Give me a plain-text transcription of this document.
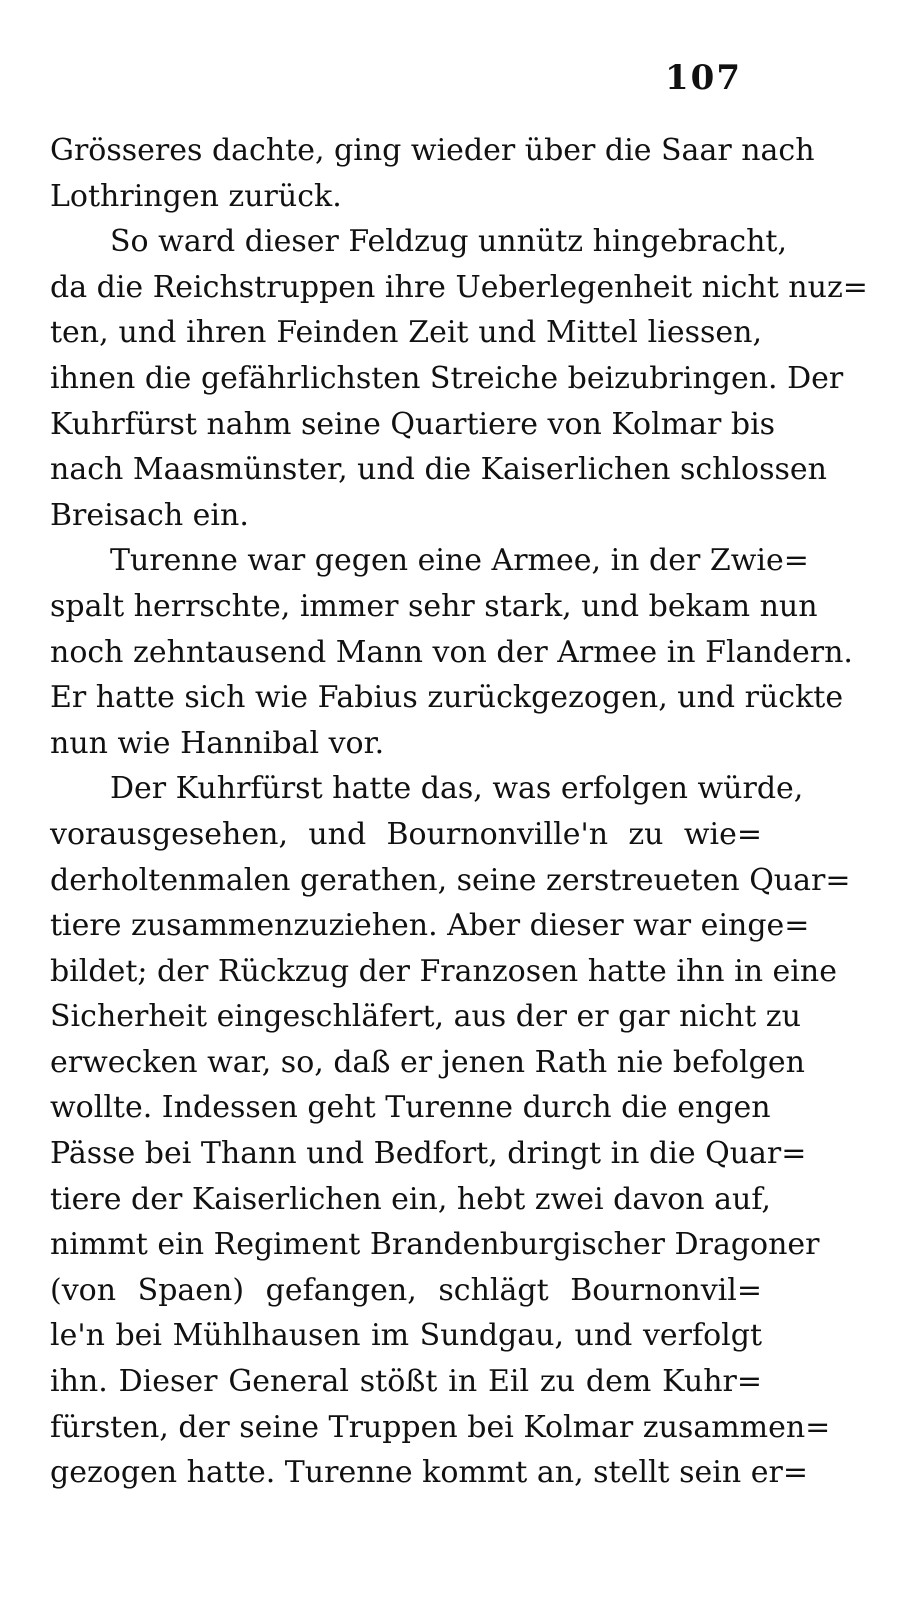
107
Grösseres dachte, ging wieder über die Saar nach
Lothringen zurück.
So ward dieser Feldzug unnütz hingebracht,
da die Reichstruppen ihre Ueberlegenheit nicht nuz=
ten, und ihren Feinden Zeit und Mittel liessen,
ihnen die gefährlichsten Streiche beizubringen. Der
Kuhrfürst nahm seine Quartiere von Kolmar bis
nach Maasmünster, und die Kaiserlichen schlossen
Breisach ein.
Turenne war gegen eine Armee, in der Zwie=
spalt herrschte, immer sehr stark, und bekam nun
noch zehntausend Mann von der Armee in Flandern.
Er hatte sich wie Fabius zurückgezogen, und rückte
nun wie Hannibal vor.
Der Kuhrfürst hatte das, was erfolgen würde,
vorausgesehen, und Bournonville'n zu wie=
derholtenmalen gerathen, seine zerstreueten Quar=
tiere zusammenzuziehen. Aber dieser war einge=
bildet; der Rückzug der Franzosen hatte ihn in eine
Sicherheit eingeschläfert, aus der er gar nicht zu
erwecken war, so, daß er jenen Rath nie befolgen
wollte. Indessen geht Turenne durch die engen
Pässe bei Thann und Bedfort, dringt in die Quar=
tiere der Kaiserlichen ein, hebt zwei davon auf,
nimmt ein Regiment Brandenburgischer Dragoner
(von Spaen) gefangen, schlägt Bournonvil=
le'n bei Mühlhausen im Sundgau, und verfolgt
ihn. Dieser General stößt in Eil zu dem Kuhr=
fürsten, der seine Truppen bei Kolmar zusammen=
gezogen hatte. Turenne kommt an, stellt sein er=
